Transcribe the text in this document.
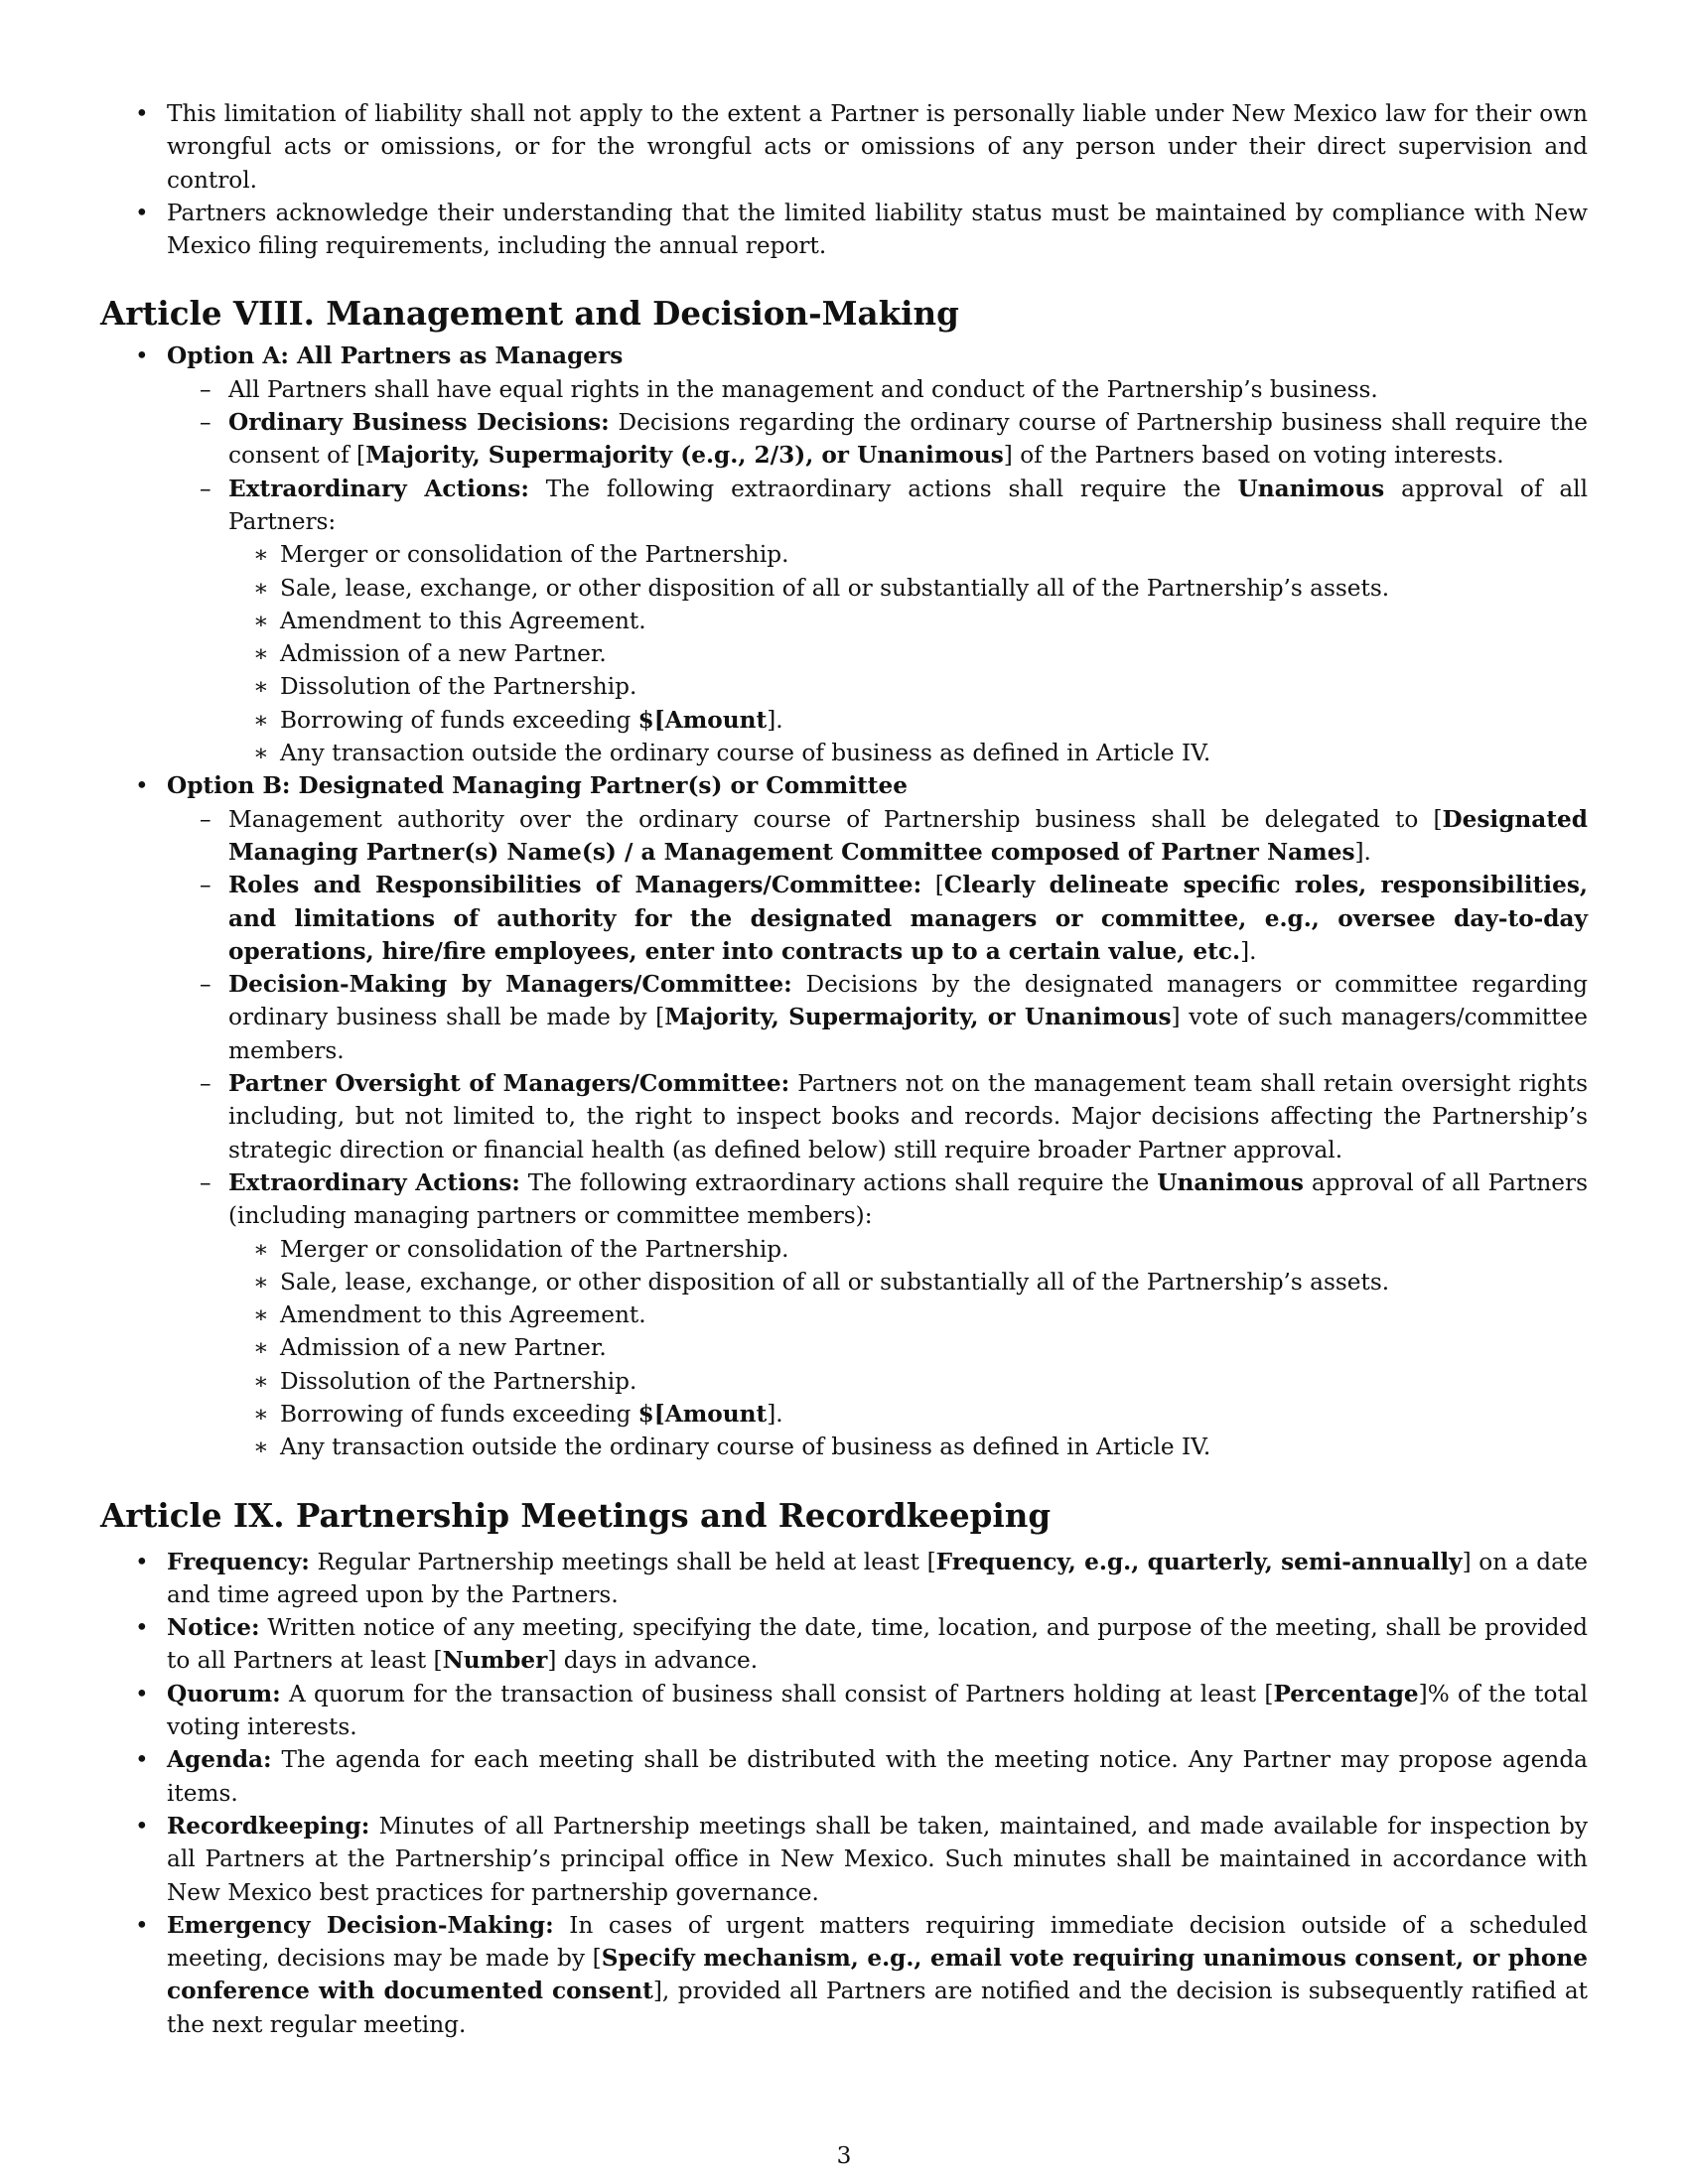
• This limitation of liability shall not apply to the extent a Partner is personally liable under New Mexico law for their own wrongful acts or omissions, or for the wrongful acts or omissions of any person under their direct supervision and control.
• Partners acknowledge their understanding that the limited liability status must be maintained by compliance with New Mexico filing requirements, including the annual report.
Article VIII. Management and Decision-Making
• Option A: All Partners as Managers
– All Partners shall have equal rights in the management and conduct of the Partnership’s business.
– Ordinary Business Decisions: Decisions regarding the ordinary course of Partnership business shall require the consent of [Majority, Supermajority (e.g., 2/3), or Unanimous] of the Partners based on voting interests.
– Extraordinary Actions: The following extraordinary actions shall require the Unanimous approval of all Partners:
∗ Merger or consolidation of the Partnership.
∗ Sale, lease, exchange, or other disposition of all or substantially all of the Partnership’s assets.
∗ Amendment to this Agreement.
∗ Admission of a new Partner.
∗ Dissolution of the Partnership.
∗ Borrowing of funds exceeding $[Amount].
∗ Any transaction outside the ordinary course of business as defined in Article IV.
• Option B: Designated Managing Partner(s) or Committee
– Management authority over the ordinary course of Partnership business shall be delegated to [Designated Managing Partner(s) Name(s) / a Management Committee composed of Partner Names].
– Roles and Responsibilities of Managers/Committee: [Clearly delineate specific roles, responsibilities, and limitations of authority for the designated managers or committee, e.g., oversee day-to-day operations, hire/fire employees, enter into contracts up to a certain value, etc.].
– Decision-Making by Managers/Committee: Decisions by the designated managers or committee regarding ordinary business shall be made by [Majority, Supermajority, or Unanimous] vote of such managers/committee members.
– Partner Oversight of Managers/Committee: Partners not on the management team shall retain oversight rights including, but not limited to, the right to inspect books and records. Major decisions affecting the Partnership’s strategic direction or financial health (as defined below) still require broader Partner approval.
– Extraordinary Actions: The following extraordinary actions shall require the Unanimous approval of all Partners (including managing partners or committee members):
∗ Merger or consolidation of the Partnership.
∗ Sale, lease, exchange, or other disposition of all or substantially all of the Partnership’s assets.
∗ Amendment to this Agreement.
∗ Admission of a new Partner.
∗ Dissolution of the Partnership.
∗ Borrowing of funds exceeding $[Amount].
∗ Any transaction outside the ordinary course of business as defined in Article IV.
Article IX. Partnership Meetings and Recordkeeping
• Frequency: Regular Partnership meetings shall be held at least [Frequency, e.g., quarterly, semi-annually] on a date and time agreed upon by the Partners.
• Notice: Written notice of any meeting, specifying the date, time, location, and purpose of the meeting, shall be provided to all Partners at least [Number] days in advance.
• Quorum: A quorum for the transaction of business shall consist of Partners holding at least [Percentage]% of the total voting interests.
• Agenda: The agenda for each meeting shall be distributed with the meeting notice. Any Partner may propose agenda items.
• Recordkeeping: Minutes of all Partnership meetings shall be taken, maintained, and made available for inspection by all Partners at the Partnership’s principal office in New Mexico. Such minutes shall be maintained in accordance with New Mexico best practices for partnership governance.
• Emergency Decision-Making: In cases of urgent matters requiring immediate decision outside of a scheduled meeting, decisions may be made by [Specify mechanism, e.g., email vote requiring unanimous consent, or phone conference with documented consent], provided all Partners are notified and the decision is subsequently ratified at the next regular meeting.
3
